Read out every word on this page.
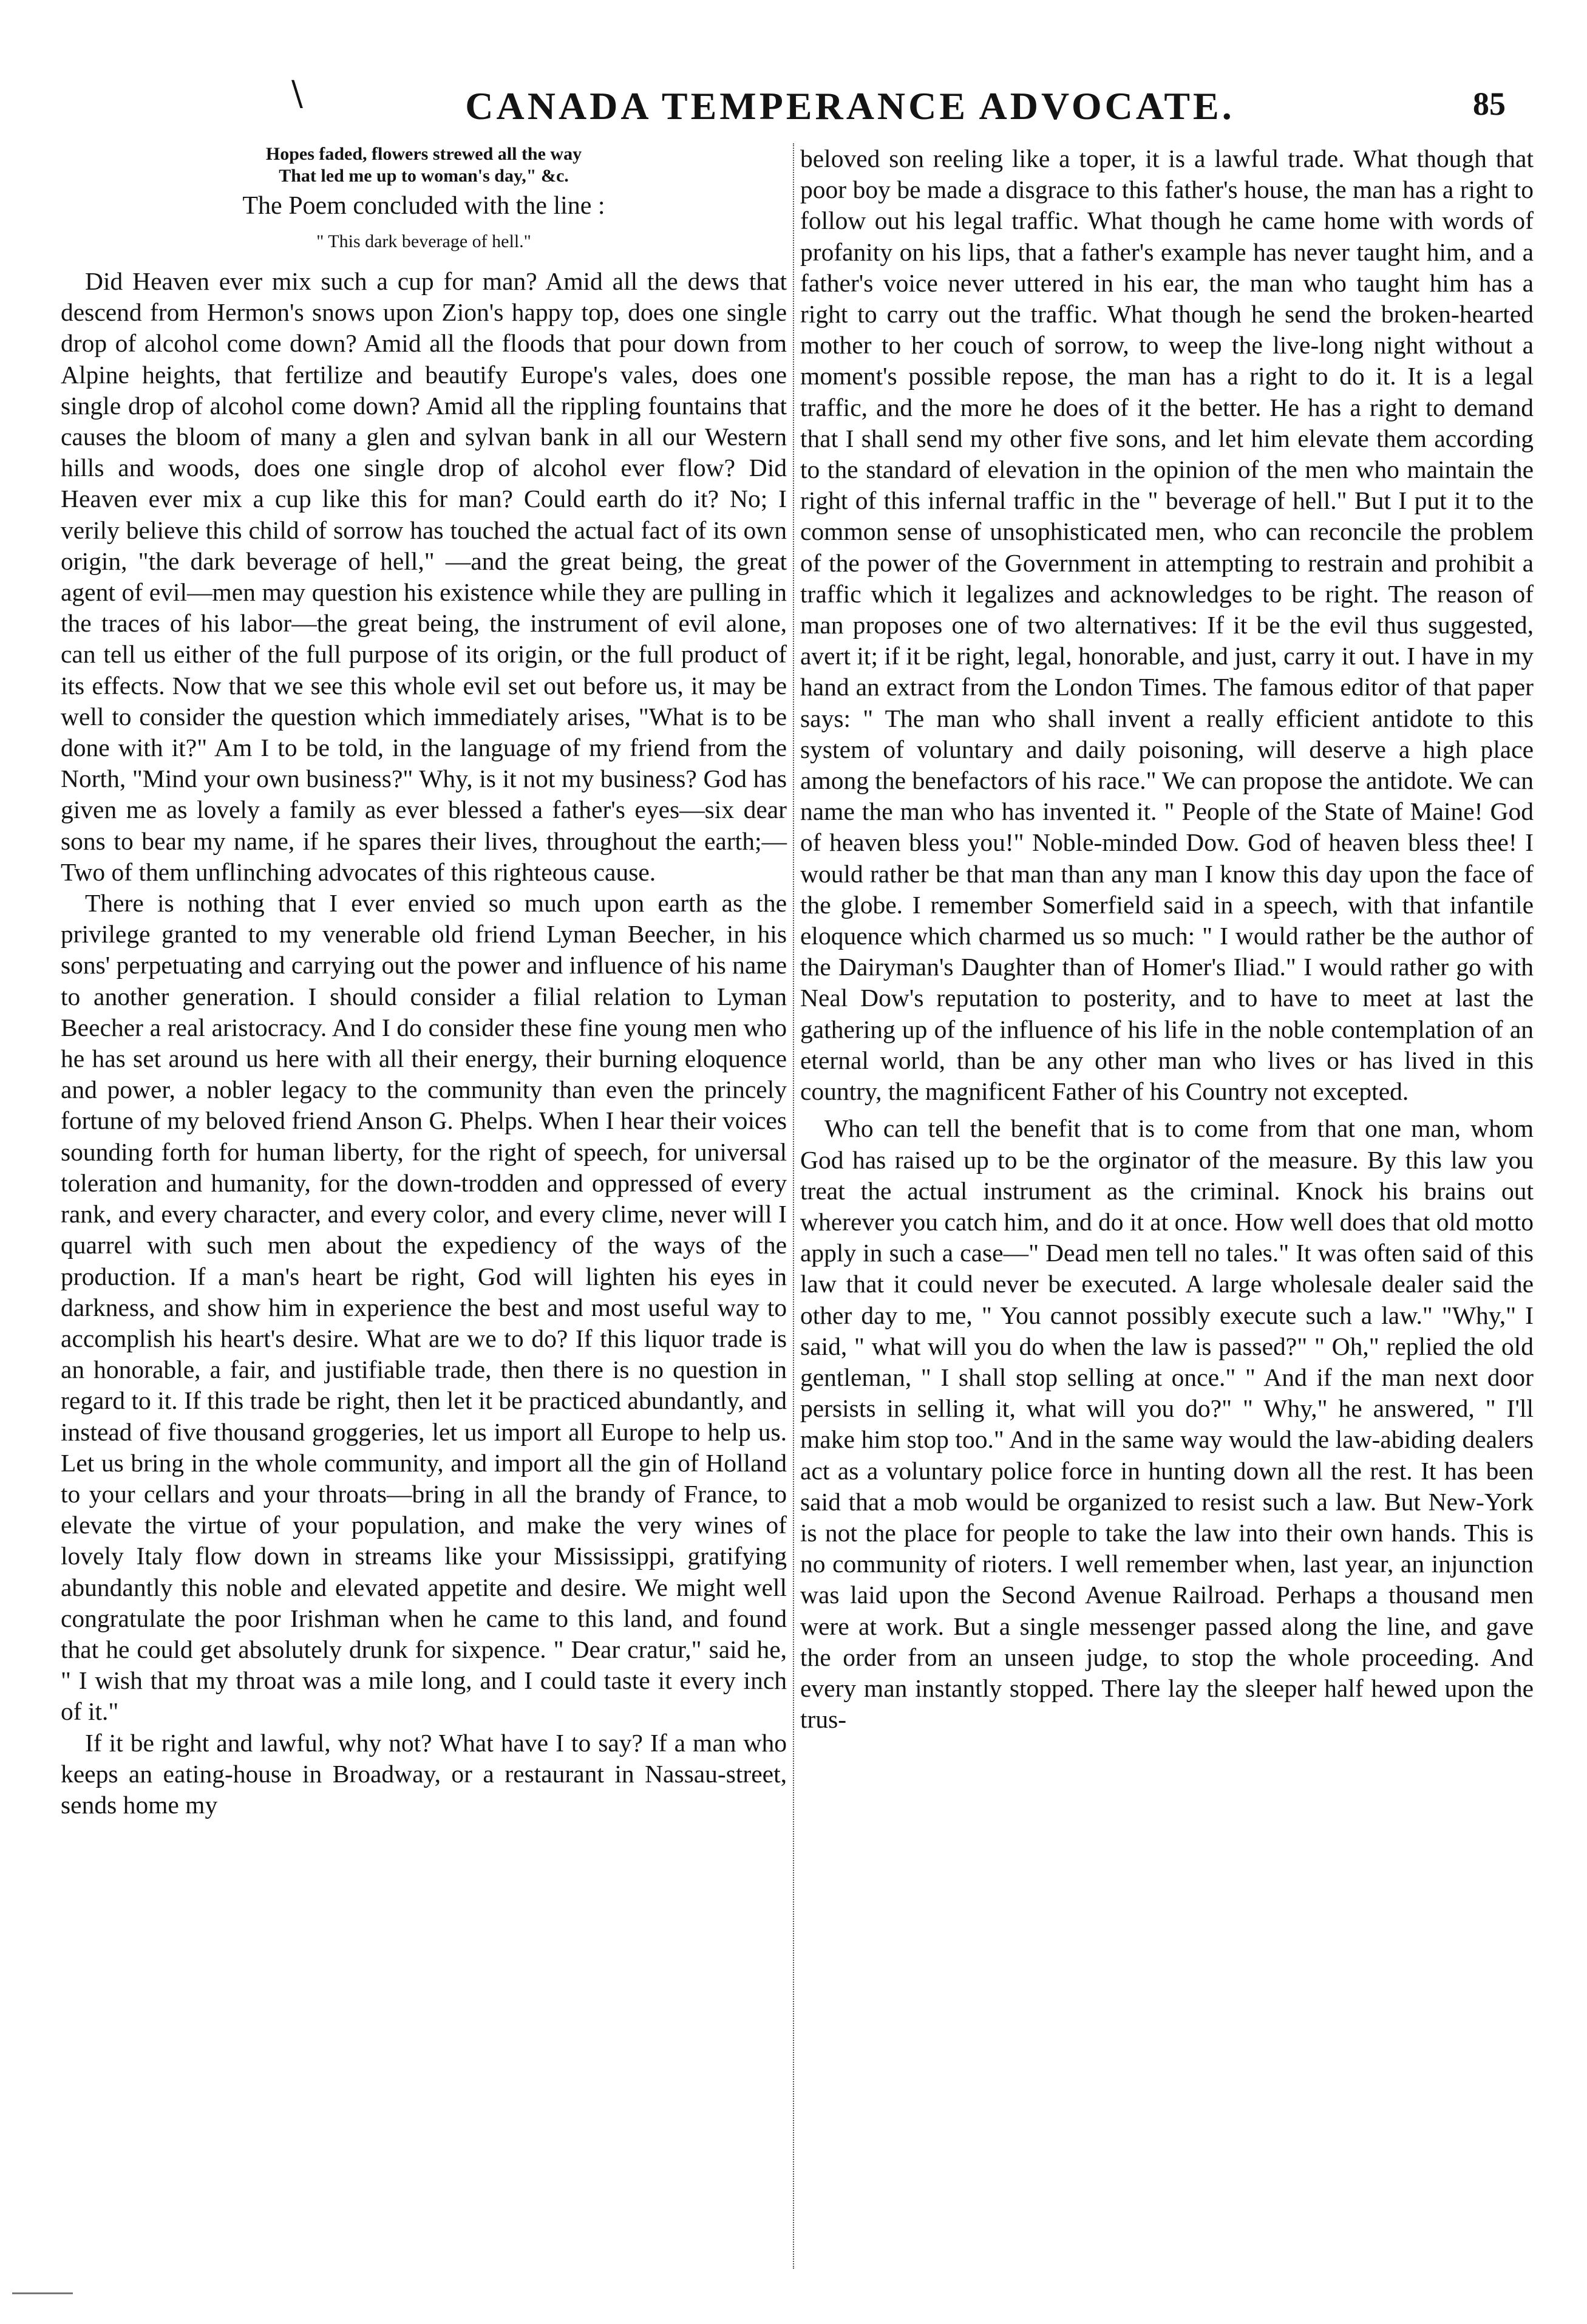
\	CANADA TEMPERANCE ADVOCATE.	85
Hopes faded, flowers strewed all the way
That led me up to woman's day," &c.
The Poem concluded with the line :
" This dark beverage of hell."

Did Heaven ever mix such a cup for man? Amid all the dews that descend from Hermon's snows upon Zion's happy top, does one single drop of alcohol come down? Amid all the floods that pour down from Alpine heights, that fertilize and beautify Europe's vales, does one single drop of alcohol come down? Amid all the rippling fountains that causes the bloom of many a glen and sylvan bank in all our Western hills and woods, does one single drop of alcohol ever flow? Did Heaven ever mix a cup like this for man? Could earth do it? No; I verily believe this child of sorrow has touched the actual fact of its own origin, "the dark beverage of hell," —and the great being, the great agent of evil—men may question his existence while they are pulling in the traces of his labor—the great being, the instrument of evil alone, can tell us either of the full purpose of its origin, or the full product of its effects. Now that we see this whole evil set out before us, it may be well to consider the question which immediately arises, "What is to be done with it?" Am I to be told, in the language of my friend from the North, "Mind your own business?" Why, is it not my business? God has given me as lovely a family as ever blessed a father's eyes—six dear sons to bear my name, if he spares their lives, throughout the earth;—Two of them unflinching advocates of this righteous cause.

There is nothing that I ever envied so much upon earth as the privilege granted to my venerable old friend Lyman Beecher, in his sons' perpetuating and carrying out the power and influence of his name to another generation. I should consider a filial relation to Lyman Beecher a real aristocracy. And I do consider these fine young men who he has set around us here with all their energy, their burning eloquence and power, a nobler legacy to the community than even the princely fortune of my beloved friend Anson G. Phelps. When I hear their voices sounding forth for human liberty, for the right of speech, for universal toleration and humanity, for the down-trodden and oppressed of every rank, and every character, and every color, and every clime, never will I quarrel with such men about the expediency of the ways of the production. If a man's heart be right, God will lighten his eyes in darkness, and show him in experience the best and most useful way to accomplish his heart's desire. What are we to do? If this liquor trade is an honorable, a fair, and justifiable trade, then there is no question in regard to it. If this trade be right, then let it be practiced abundantly, and instead of five thousand groggeries, let us import all Europe to help us. Let us bring in the whole community, and import all the gin of Holland to your cellars and your throats—bring in all the brandy of France, to elevate the virtue of your population, and make the very wines of lovely Italy flow down in streams like your Mississippi, gratifying abundantly this noble and elevated appetite and desire. We might well congratulate the poor Irishman when he came to this land, and found that he could get absolutely drunk for sixpence. " Dear cratur," said he, " I wish that my throat was a mile long, and I could taste it every inch of it."

If it be right and lawful, why not? What have I to say? If a man who keeps an eating-house in Broadway, or a restaurant in Nassau-street, sends home my

beloved son reeling like a toper, it is a lawful trade. What though that poor boy be made a disgrace to this father's house, the man has a right to follow out his legal traffic. What though he came home with words of profanity on his lips, that a father's example has never taught him, and a father's voice never uttered in his ear, the man who taught him has a right to carry out the traffic. What though he send the broken-hearted mother to her couch of sorrow, to weep the live-long night without a moment's possible repose, the man has a right to do it. It is a legal traffic, and the more he does of it the better. He has a right to demand that I shall send my other five sons, and let him elevate them according to the standard of elevation in the opinion of the men who maintain the right of this infernal traffic in the " beverage of hell." But I put it to the common sense of unsophisticated men, who can reconcile the problem of the power of the Government in attempting to restrain and prohibit a traffic which it legalizes and acknowledges to be right. The reason of man proposes one of two alternatives: If it be the evil thus suggested, avert it; if it be right, legal, honorable, and just, carry it out. I have in my hand an extract from the London Times. The famous editor of that paper says: " The man who shall invent a really efficient antidote to this system of voluntary and daily poisoning, will deserve a high place among the benefactors of his race." We can propose the antidote. We can name the man who has invented it. " People of the State of Maine! God of heaven bless you!" Noble-minded Dow. God of heaven bless thee! I would rather be that man than any man I know this day upon the face of the globe. I remember Somerfield said in a speech, with that infantile eloquence which charmed us so much: " I would rather be the author of the Dairyman's Daughter than of Homer's Iliad." I would rather go with Neal Dow's reputation to posterity, and to have to meet at last the gathering up of the influence of his life in the noble contemplation of an eternal world, than be any other man who lives or has lived in this country, the magnificent Father of his Country not excepted.

Who can tell the benefit that is to come from that one man, whom God has raised up to be the orginator of the measure. By this law you treat the actual instrument as the criminal. Knock his brains out wherever you catch him, and do it at once. How well does that old motto apply in such a case—" Dead men tell no tales." It was often said of this law that it could never be executed. A large wholesale dealer said the other day to me, " You cannot possibly execute such a law." "Why," I said, " what will you do when the law is passed?" " Oh," replied the old gentleman, " I shall stop selling at once." " And if the man next door persists in selling it, what will you do?" " Why," he answered, " I'll make him stop too." And in the same way would the law-abiding dealers act as a voluntary police force in hunting down all the rest. It has been said that a mob would be organized to resist such a law. But New-York is not the place for people to take the law into their own hands. This is no community of rioters. I well remember when, last year, an injunction was laid upon the Second Avenue Railroad. Perhaps a thousand men were at work. But a single messenger passed along the line, and gave the order from an unseen judge, to stop the whole proceeding. And every man instantly stopped. There lay the sleeper half hewed upon the trus-
